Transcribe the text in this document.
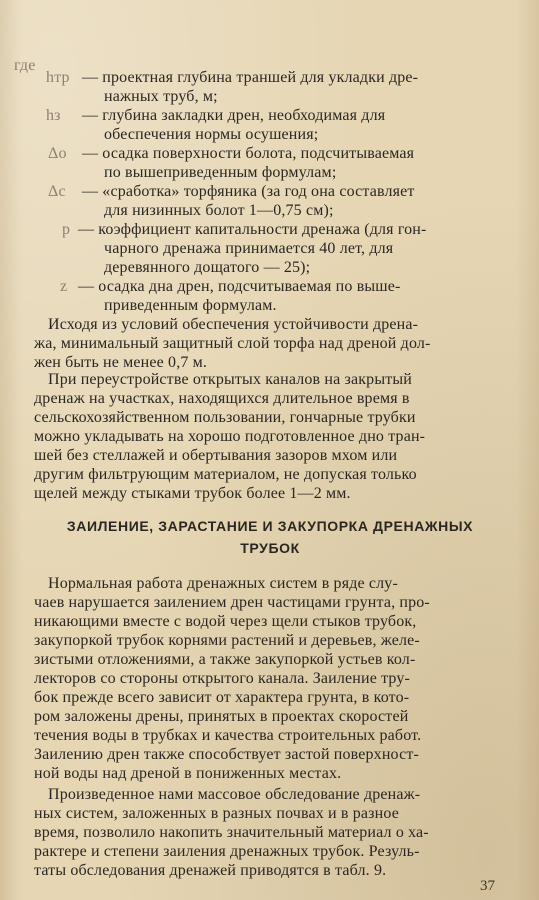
где
hтр — проектная глубина траншей для укладки дре-
нажных труб, м;
hз — глубина закладки дрен, необходимая для
обеспечения нормы осушения;
Δо — осадка поверхности болота, подсчитываемая
по вышеприведенным формулам;
Δс — «сработка» торфяника (за год она составляет
для низинных болот 1—0,75 см);
p — коэффициент капитальности дренажа (для гон-
чарного дренажа принимается 40 лет, для
деревянного дощатого — 25);
z — осадка дна дрен, подсчитываемая по выше-
приведенным формулам.
Исходя из условий обеспечения устойчивости дрена-
жа, минимальный защитный слой торфа над дреной дол-
жен быть не менее 0,7 м.
При переустройстве открытых каналов на закрытый
дренаж на участках, находящихся длительное время в
сельскохозяйственном пользовании, гончарные трубки
можно укладывать на хорошо подготовленное дно тран-
шей без стеллажей и обертывания зазоров мхом или
другим фильтрующим материалом, не допуская только
щелей между стыками трубок более 1—2 мм.
ЗАИЛЕНИЕ, ЗАРАСТАНИЕ И ЗАКУПОРКА ДРЕНАЖНЫХ
ТРУБОК
Нормальная работа дренажных систем в ряде слу-
чаев нарушается заилением дрен частицами грунта, про-
никающими вместе с водой через щели стыков трубок,
закупоркой трубок корнями растений и деревьев, желе-
зистыми отложениями, а также закупоркой устьев кол-
лекторов со стороны открытого канала. Заиление тру-
бок прежде всего зависит от характера грунта, в кото-
ром заложены дрены, принятых в проектах скоростей
течения воды в трубках и качества строительных работ.
Заилению дрен также способствует застой поверхност-
ной воды над дреной в пониженных местах.
Произведенное нами массовое обследование дренаж-
ных систем, заложенных в разных почвах и в разное
время, позволило накопить значительный материал о ха-
рактере и степени заиления дренажных трубок. Резуль-
таты обследования дренажей приводятся в табл. 9.
37
